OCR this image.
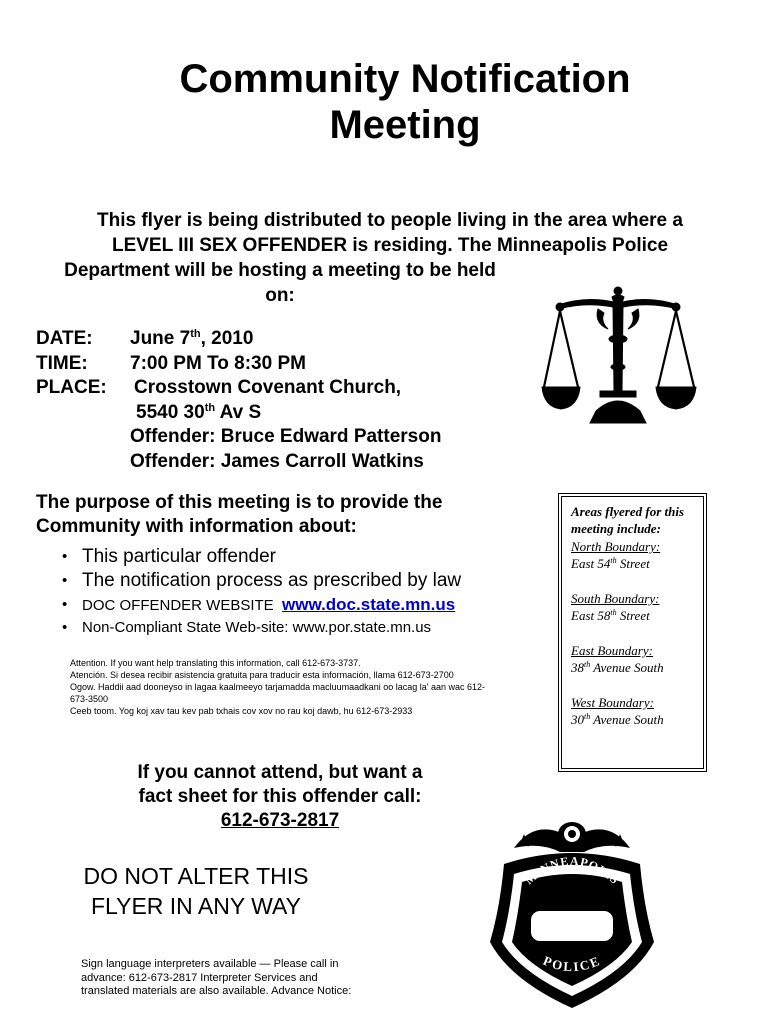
Community Notification
Meeting
This flyer is being distributed to people living in the area where a
LEVEL III SEX OFFENDER is residing. The Minneapolis Police
Department will be hosting a meeting to be held
on:
DATE: June 7th, 2010
TIME: 7:00 PM To 8:30 PM
PLACE: Crosstown Covenant Church,
5540 30th Av S
Offender: Bruce Edward Patterson
Offender: James Carroll Watkins
The purpose of this meeting is to provide the
Community with information about:
• This particular offender
• The notification process as prescribed by law
• DOC OFFENDER WEBSITE www.doc.state.mn.us
• Non-Compliant State Web-site: www.por.state.mn.us
Attention. If you want help translating this information, call 612-673-3737.
Atención. Si desea recibir asistencia gratuita para traducir esta información, llama 612-673-2700
Ogow. Haddii aad dooneyso in lagaa kaalmeeyo tarjamadda macluumaadkani oo lacag la' aan wac 612-673-3500
Ceeb toom. Yog koj xav tau kev pab txhais cov xov no rau koj dawb, hu 612-673-2933
Areas flyered for this meeting include:
North Boundary:
East 54th Street
South Boundary:
East 58th Street
East Boundary:
38th Avenue South
West Boundary:
30th Avenue South
If you cannot attend, but want a
fact sheet for this offender call:
612-673-2817
DO NOT ALTER THIS
FLYER IN ANY WAY
MINNEAPOLIS
POLICE
Sign language interpreters available — Please call in
advance: 612-673-2817 Interpreter Services and
translated materials are also available. Advance Notice:
